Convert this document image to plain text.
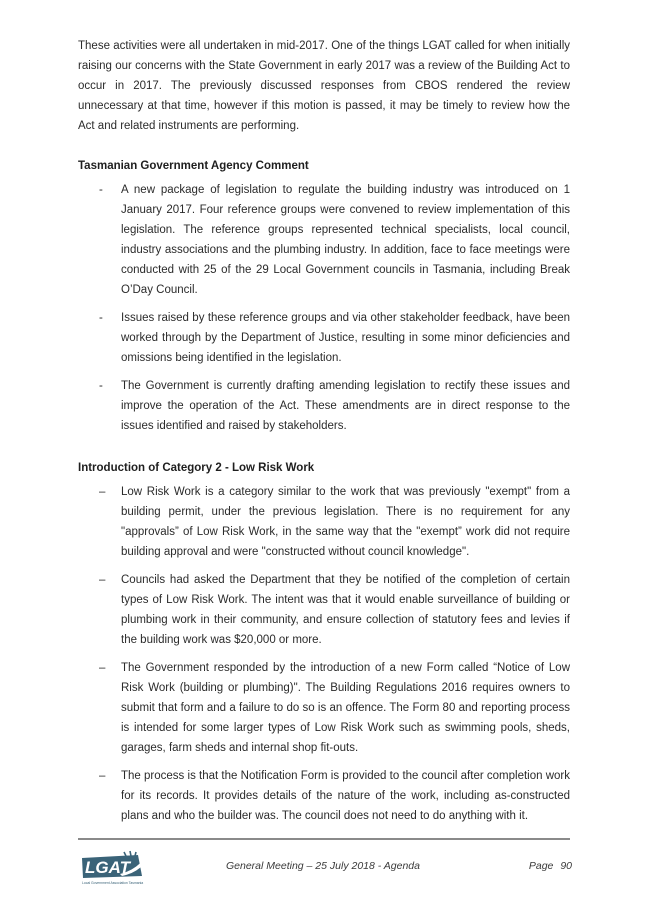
These activities were all undertaken in mid-2017. One of the things LGAT called for when initially raising our concerns with the State Government in early 2017 was a review of the Building Act to occur in 2017. The previously discussed responses from CBOS rendered the review unnecessary at that time, however if this motion is passed, it may be timely to review how the Act and related instruments are performing.

Tasmanian Government Agency Comment
-	A new package of legislation to regulate the building industry was introduced on 1 January 2017. Four reference groups were convened to review implementation of this legislation. The reference groups represented technical specialists, local council, industry associations and the plumbing industry. In addition, face to face meetings were conducted with 25 of the 29 Local Government councils in Tasmania, including Break O’Day Council.
-	Issues raised by these reference groups and via other stakeholder feedback, have been worked through by the Department of Justice, resulting in some minor deficiencies and omissions being identified in the legislation.
-	The Government is currently drafting amending legislation to rectify these issues and improve the operation of the Act. These amendments are in direct response to the issues identified and raised by stakeholders.
Introduction of Category 2 - Low Risk Work
–	Low Risk Work is a category similar to the work that was previously "exempt" from a building permit, under the previous legislation. There is no requirement for any "approvals” of Low Risk Work, in the same way that the "exempt” work did not require building approval and were "constructed without council knowledge".
–	Councils had asked the Department that they be notified of the completion of certain types of Low Risk Work. The intent was that it would enable surveillance of building or plumbing work in their community, and ensure collection of statutory fees and levies if the building work was $20,000 or more.
–	The Government responded by the introduction of a new Form called “Notice of Low Risk Work (building or plumbing)". The Building Regulations 2016 requires owners to submit that form and a failure to do so is an offence. The Form 80 and reporting process is intended for some larger types of Low Risk Work such as swimming pools, sheds, garages, farm sheds and internal shop fit-outs.
–	The process is that the Notification Form is provided to the council after completion work for its records. It provides details of the nature of the work, including as-constructed plans and who the builder was. The council does not need to do anything with it.
LGAT
Local Government Association Tasmania
General Meeting – 25 July 2018 - Agenda	Page 90
